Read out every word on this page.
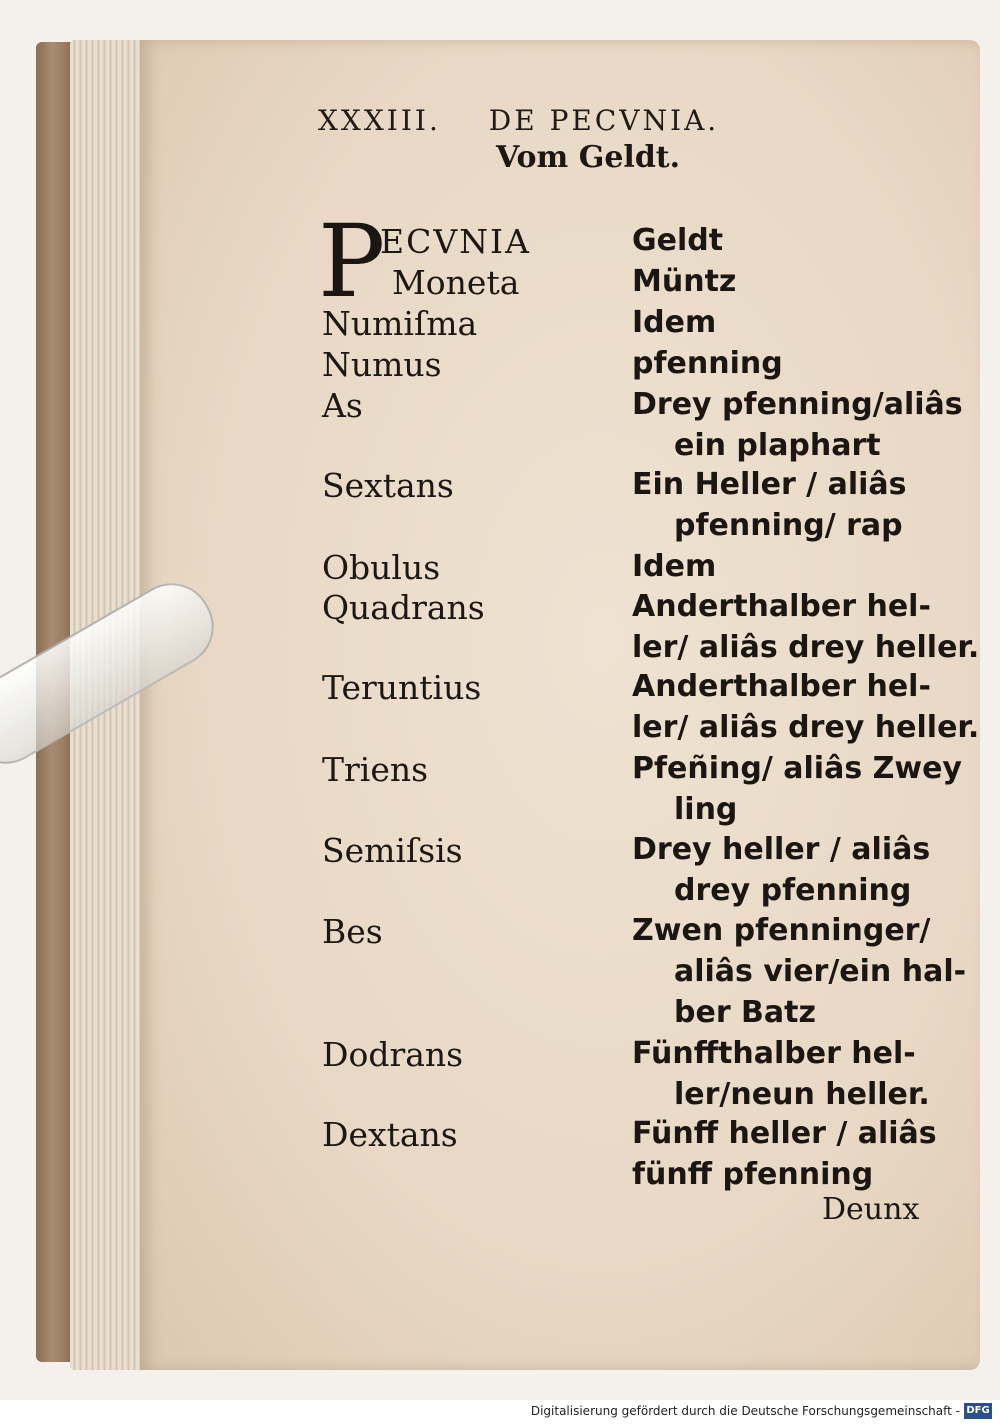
XXXIII. DE PECVNIA.
Vom Geldt.
P
ECVNIA
Moneta
Numiſma
Numus
As
Sextans
Obulus
Quadrans
Teruntius
Triens
Semiſsis
Bes
Dodrans
Dextans
Geldt
Müntz
Idem
pfenning
Drey pfenning/aliâs
ein plaphart
Ein Heller / aliâs
pfenning/ rap
Idem
Anderthalber hel-
ler/ aliâs drey heller.
Anderthalber hel-
ler/ aliâs drey heller.
Pfeñing/ aliâs Zwey
ling
Drey heller / aliâs
drey pfenning
Zwen pfenninger/
aliâs vier/ein hal-
ber Batz
Fünffthalber hel-
ler/neun heller.
Fünff heller / aliâs
fünff pfenning
Deunx
Digitalisierung gefördert durch die Deutsche Forschungsgemeinschaft - DFG
